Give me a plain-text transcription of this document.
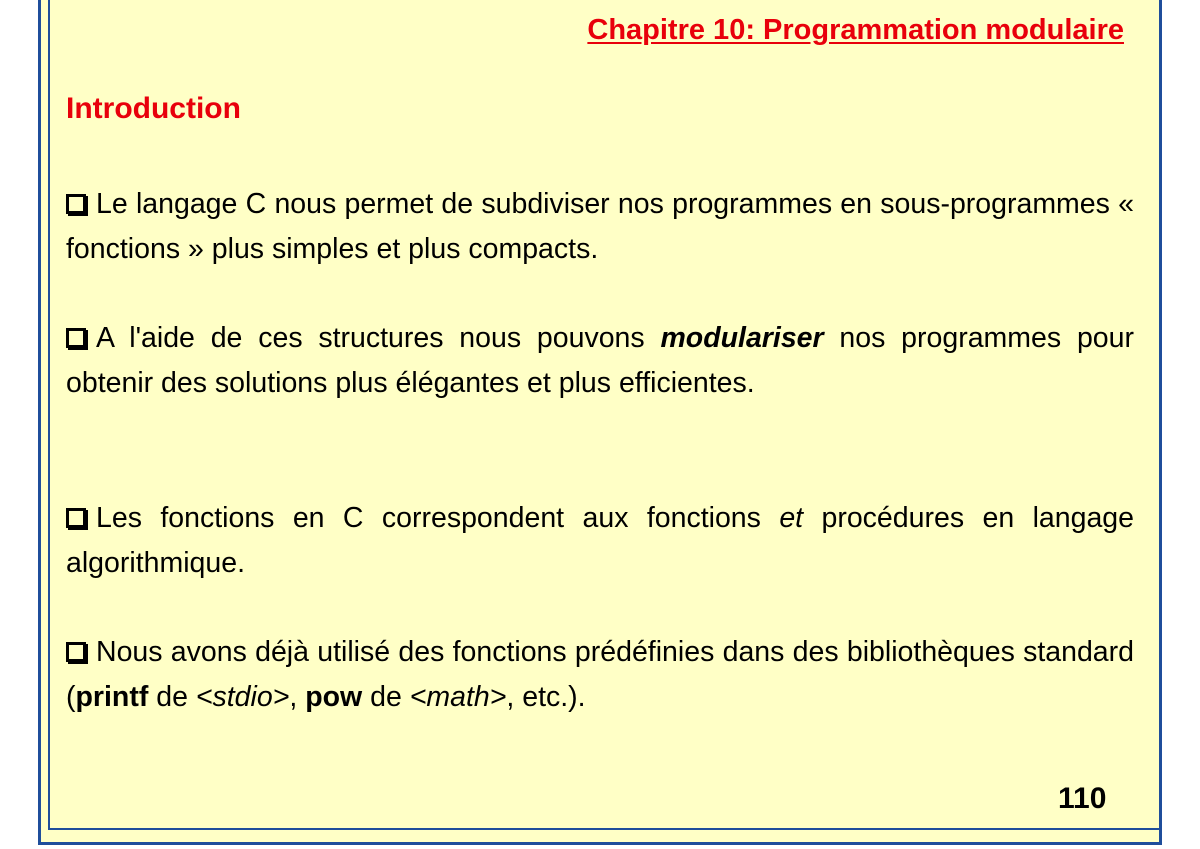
Chapitre 10: Programmation modulaire
Introduction
Le langage C nous permet de subdiviser nos programmes en sous-programmes « fonctions » plus simples et plus compacts.
A l'aide de ces structures nous pouvons modulariser nos programmes pour obtenir des solutions plus élégantes et plus efficientes.
Les fonctions en C correspondent aux fonctions et procédures en langage algorithmique.
Nous avons déjà utilisé des fonctions prédéfinies dans des bibliothèques standard (printf de <stdio>, pow de <math>, etc.).
110
